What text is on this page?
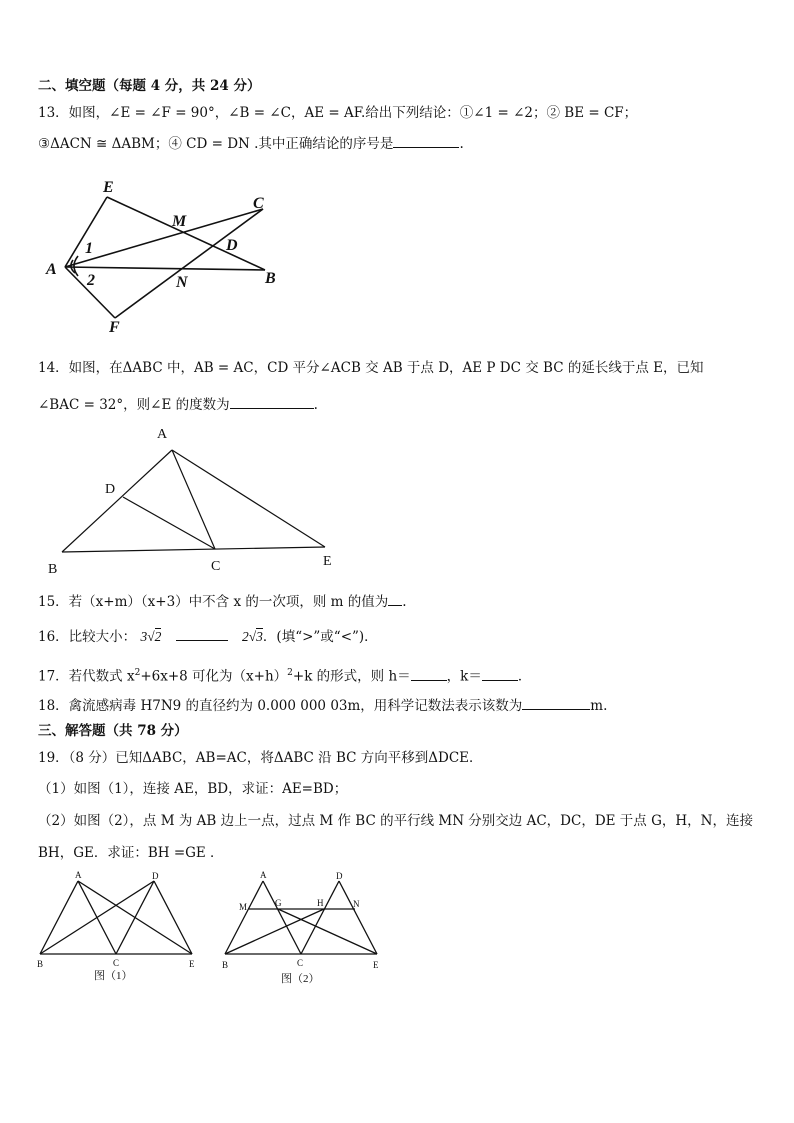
二、填空题（每题 4 分，共 24 分）
13．如图，∠E = ∠F = 90°，∠B = ∠C，AE = AF.给出下列结论：①∠1 = ∠2；② BE = CF；
③ΔACN ≅ ΔABM；④ CD = DN .其中正确结论的序号是	.
E
M
C
D
A
1
2	N	B
F
14．如图，在ΔABC 中，AB = AC，CD 平分∠ACB 交 AB 于点 D，AE P DC 交 BC 的延长线于点 E，已知
∠BAC = 32°，则∠E 的度数为	.
A
D
B	C	E
15．若（x+m）（x+3）中不含 x 的一次项，则 m 的值为 .
16．比较大小： 3√2	2√3．(填“>”或“<”)．
17．若代数式 $x^2+6x+8$ 可化为$(x+h)^2+k$ 的形式，则 h＝	，k＝	．
18．禽流感病毒 H7N9 的直径约为 0.000 000 03m，用科学记数法表示该数为	m.
三、解答题（共 78 分）
19．（8 分）已知ΔABC，AB=AC，将ΔABC 沿 BC 方向平移到ΔDCE．
（1）如图（1），连接 AE，BD，求证：AE=BD；
（2）如图（2），点 M 为 AB 边上一点，过点 M 作 BC 的平行线 MN 分别交边 AC，DC，DE 于点 G，H，N，连接
BH，GE．求证：BH =GE ．
A	D
B	C	E
图（1）
A	D
M	G	H	N
B	C	E
图（2）
